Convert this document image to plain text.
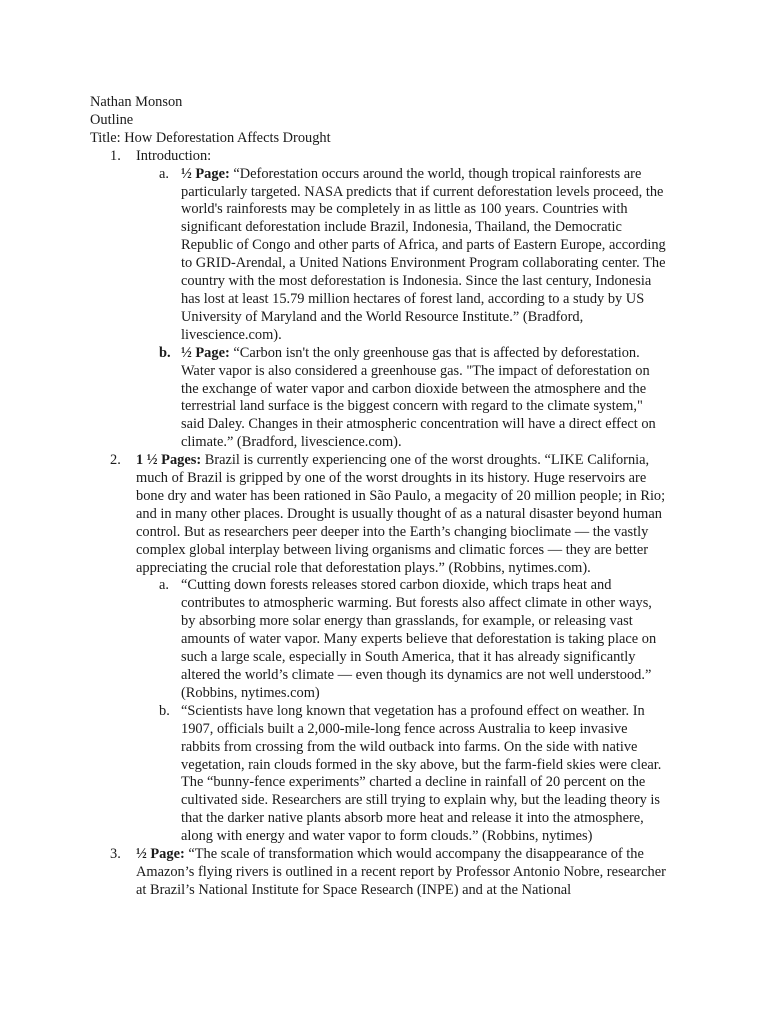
Nathan Monson
Outline
Title: How Deforestation Affects Drought
1. Introduction:
a. ½ Page: “Deforestation occurs around the world, though tropical rainforests are particularly targeted. NASA predicts that if current deforestation levels proceed, the world's rainforests may be completely in as little as 100 years. Countries with significant deforestation include Brazil, Indonesia, Thailand, the Democratic Republic of Congo and other parts of Africa, and parts of Eastern Europe, according to GRID-Arendal, a United Nations Environment Program collaborating center. The country with the most deforestation is Indonesia. Since the last century, Indonesia has lost at least 15.79 million hectares of forest land, according to a study by US University of Maryland and the World Resource Institute.” (Bradford, livescience.com).
b. ½ Page: “Carbon isn't the only greenhouse gas that is affected by deforestation. Water vapor is also considered a greenhouse gas. "The impact of deforestation on the exchange of water vapor and carbon dioxide between the atmosphere and the terrestrial land surface is the biggest concern with regard to the climate system," said Daley. Changes in their atmospheric concentration will have a direct effect on climate.” (Bradford, livescience.com).
2. 1 ½ Pages: Brazil is currently experiencing one of the worst droughts. “LIKE California, much of Brazil is gripped by one of the worst droughts in its history. Huge reservoirs are bone dry and water has been rationed in São Paulo, a megacity of 20 million people; in Rio; and in many other places. Drought is usually thought of as a natural disaster beyond human control. But as researchers peer deeper into the Earth’s changing bioclimate — the vastly complex global interplay between living organisms and climatic forces — they are better appreciating the crucial role that deforestation plays.” (Robbins, nytimes.com).
a. “Cutting down forests releases stored carbon dioxide, which traps heat and contributes to atmospheric warming. But forests also affect climate in other ways, by absorbing more solar energy than grasslands, for example, or releasing vast amounts of water vapor. Many experts believe that deforestation is taking place on such a large scale, especially in South America, that it has already significantly altered the world’s climate — even though its dynamics are not well understood.” (Robbins, nytimes.com)
b. “Scientists have long known that vegetation has a profound effect on weather. In 1907, officials built a 2,000-mile-long fence across Australia to keep invasive rabbits from crossing from the wild outback into farms. On the side with native vegetation, rain clouds formed in the sky above, but the farm-field skies were clear. The “bunny-fence experiments” charted a decline in rainfall of 20 percent on the cultivated side. Researchers are still trying to explain why, but the leading theory is that the darker native plants absorb more heat and release it into the atmosphere, along with energy and water vapor to form clouds.” (Robbins, nytimes)
3. ½ Page: “The scale of transformation which would accompany the disappearance of the Amazon’s flying rivers is outlined in a recent report by Professor Antonio Nobre, researcher at Brazil’s National Institute for Space Research (INPE) and at the National
